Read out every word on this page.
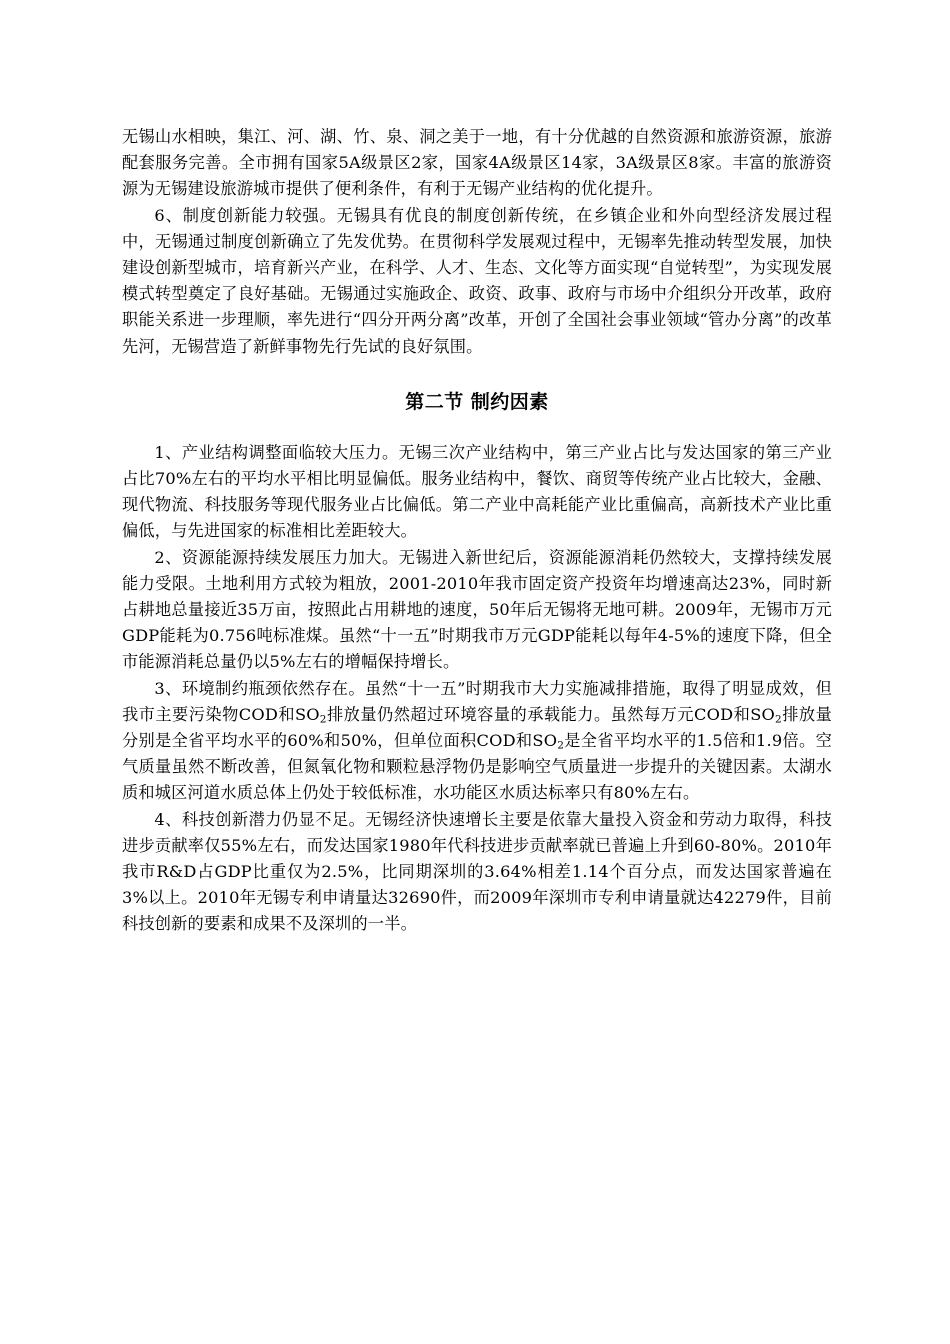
无锡山水相映，集江、河、湖、竹、泉、洞之美于一地，有十分优越的自然资源和旅游资源，旅游配套服务完善。全市拥有国家5A级景区2家，国家4A级景区14家，3A级景区8家。丰富的旅游资源为无锡建设旅游城市提供了便利条件，有利于无锡产业结构的优化提升。

6、制度创新能力较强。无锡具有优良的制度创新传统，在乡镇企业和外向型经济发展过程中，无锡通过制度创新确立了先发优势。在贯彻科学发展观过程中，无锡率先推动转型发展，加快建设创新型城市，培育新兴产业，在科学、人才、生态、文化等方面实现“自觉转型”，为实现发展模式转型奠定了良好基础。无锡通过实施政企、政资、政事、政府与市场中介组织分开改革，政府职能关系进一步理顺，率先进行“四分开两分离”改革，开创了全国社会事业领域“管办分离”的改革先河，无锡营造了新鲜事物先行先试的良好氛围。

第二节 制约因素

1、产业结构调整面临较大压力。无锡三次产业结构中，第三产业占比与发达国家的第三产业占比70%左右的平均水平相比明显偏低。服务业结构中，餐饮、商贸等传统产业占比较大，金融、现代物流、科技服务等现代服务业占比偏低。第二产业中高耗能产业比重偏高，高新技术产业比重偏低，与先进国家的标准相比差距较大。

2、资源能源持续发展压力加大。无锡进入新世纪后，资源能源消耗仍然较大，支撑持续发展能力受限。土地利用方式较为粗放，2001-2010年我市固定资产投资年均增速高达23%，同时新占耕地总量接近35万亩，按照此占用耕地的速度，50年后无锡将无地可耕。2009年，无锡市万元GDP能耗为0.756吨标准煤。虽然“十一五”时期我市万元GDP能耗以每年4-5%的速度下降，但全市能源消耗总量仍以5%左右的增幅保持增长。

3、环境制约瓶颈依然存在。虽然“十一五”时期我市大力实施减排措施，取得了明显成效，但我市主要污染物COD和$SO_2$排放量仍然超过环境容量的承载能力。虽然每万元COD和$SO_2$排放量分别是全省平均水平的60%和50%，但单位面积COD和$SO_2$是全省平均水平的1.5倍和1.9倍。空气质量虽然不断改善，但氮氧化物和颗粒悬浮物仍是影响空气质量进一步提升的关键因素。太湖水质和城区河道水质总体上仍处于较低标准，水功能区水质达标率只有80%左右。

4、科技创新潜力仍显不足。无锡经济快速增长主要是依靠大量投入资金和劳动力取得，科技进步贡献率仅55%左右，而发达国家1980年代科技进步贡献率就已普遍上升到60-80%。2010年我市R&D占GDP比重仅为2.5%，比同期深圳的3.64%相差1.14个百分点，而发达国家普遍在3%以上。2010年无锡专利申请量达32690件，而2009年深圳市专利申请量就达42279件，目前科技创新的要素和成果不及深圳的一半。
